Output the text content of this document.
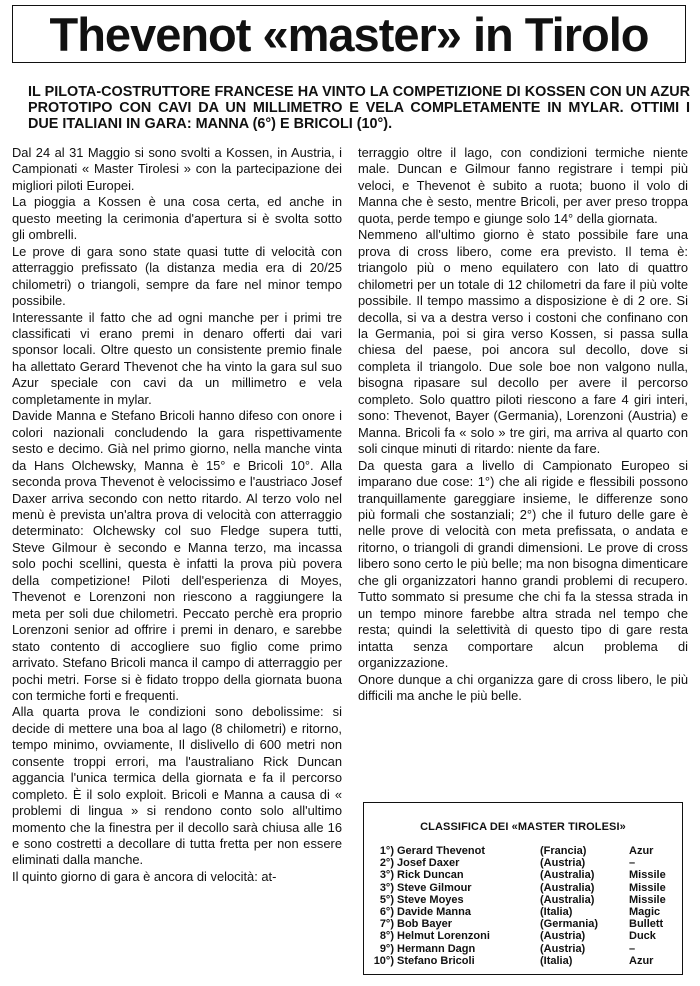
Thevenot «master» in Tirolo

IL PILOTA-COSTRUTTORE FRANCESE HA VINTO LA COMPETIZIONE DI KOSSEN CON UN AZUR PROTOTIPO CON CAVI DA UN MILLIMETRO E VELA COMPLETAMENTE IN MYLAR. OTTIMI I DUE ITALIANI IN GARA: MANNA (6°) E BRICOLI (10°).

Dal 24 al 31 Maggio si sono svolti a Kossen, in Austria, i Campionati « Master Tirolesi » con la partecipazione dei migliori piloti Europei.

La pioggia a Kossen è una cosa certa, ed anche in questo meeting la cerimonia d'apertura si è svolta sotto gli ombrelli.

Le prove di gara sono state quasi tutte di velocità con atterraggio prefissato (la distanza media era di 20/25 chilometri) o triangoli, sempre da fare nel minor tempo possibile.

Interessante il fatto che ad ogni manche per i primi tre classificati vi erano premi in denaro offerti dai vari sponsor locali. Oltre questo un consistente premio finale ha allettato Gerard Thevenot che ha vinto la gara sul suo Azur speciale con cavi da un millimetro e vela completamente in mylar.

Davide Manna e Stefano Bricoli hanno difeso con onore i colori nazionali concludendo la gara rispettivamente sesto e decimo. Già nel primo giorno, nella manche vinta da Hans Olchewsky, Manna è 15° e Bricoli 10°. Alla seconda prova Thevenot è velocissimo e l'austriaco Josef Daxer arriva secondo con netto ritardo. Al terzo volo nel menù è prevista un'altra prova di velocità con atterraggio determinato: Olchewsky col suo Fledge supera tutti, Steve Gilmour è secondo e Manna terzo, ma incassa solo pochi scellini, questa è infatti la prova più povera della competizione! Piloti dell'esperienza di Moyes, Thevenot e Lorenzoni non riescono a raggiungere la meta per soli due chilometri. Peccato perchè era proprio Lorenzoni senior ad offrire i premi in denaro, e sarebbe stato contento di accogliere suo figlio come primo arrivato. Stefano Bricoli manca il campo di atterraggio per pochi metri. Forse si è fidato troppo della giornata buona con termiche forti e frequenti.

Alla quarta prova le condizioni sono debolissime: si decide di mettere una boa al lago (8 chilometri) e ritorno, tempo minimo, ovviamente, Il dislivello di 600 metri non consente troppi errori, ma l'australiano Rick Duncan aggancia l'unica termica della giornata e fa il percorso completo. È il solo exploit. Bricoli e Manna a causa di « problemi di lingua » si rendono conto solo all'ultimo momento che la finestra per il decollo sarà chiusa alle 16 e sono costretti a decollare di tutta fretta per non essere eliminati dalla manche.

Il quinto giorno di gara è ancora di velocità: at-

terraggio oltre il lago, con condizioni termiche niente male. Duncan e Gilmour fanno registrare i tempi più veloci, e Thevenot è subito a ruota; buono il volo di Manna che è sesto, mentre Bricoli, per aver preso troppa quota, perde tempo e giunge solo 14° della giornata.

Nemmeno all'ultimo giorno è stato possibile fare una prova di cross libero, come era previsto. Il tema è: triangolo più o meno equilatero con lato di quattro chilometri per un totale di 12 chilometri da fare il più volte possibile. Il tempo massimo a disposizione è di 2 ore. Si decolla, si va a destra verso i costoni che confinano con la Germania, poi si gira verso Kossen, si passa sulla chiesa del paese, poi ancora sul decollo, dove si completa il triangolo. Due sole boe non valgono nulla, bisogna ripasare sul decollo per avere il percorso completo. Solo quattro piloti riescono a fare 4 giri interi, sono: Thevenot, Bayer (Germania), Lorenzoni (Austria) e Manna. Bricoli fa « solo » tre giri, ma arriva al quarto con soli cinque minuti di ritardo: niente da fare.

Da questa gara a livello di Campionato Europeo si imparano due cose: 1°) che ali rigide e flessibili possono tranquillamente gareggiare insieme, le differenze sono più formali che sostanziali; 2°) che il futuro delle gare è nelle prove di velocità con meta prefissata, o andata e ritorno, o triangoli di grandi dimensioni. Le prove di cross libero sono certo le più belle; ma non bisogna dimenticare che gli organizzatori hanno grandi problemi di recupero. Tutto sommato si presume che chi fa la stessa strada in un tempo minore farebbe altra strada nel tempo che resta; quindi la selettività di questo tipo di gare resta intatta senza comportare alcun problema di organizzazione.

Onore dunque a chi organizza gare di cross libero, le più difficili ma anche le più belle.

CLASSIFICA DEI «MASTER TIROLESI»
1°) Gerard Thevenot	(Francia)	Azur
2°) Josef Daxer	(Austria)	–
3°) Rick Duncan	(Australia)	Missile
3°) Steve Gilmour	(Australia)	Missile
5°) Steve Moyes	(Australia)	Missile
6°) Davide Manna	(Italia)	Magic
7°) Bob Bayer	(Germania)	Bullett
8°) Helmut Lorenzoni	(Austria)	Duck
9°) Hermann Dagn	(Austria)	–
10°) Stefano Bricoli	(Italia)	Azur
